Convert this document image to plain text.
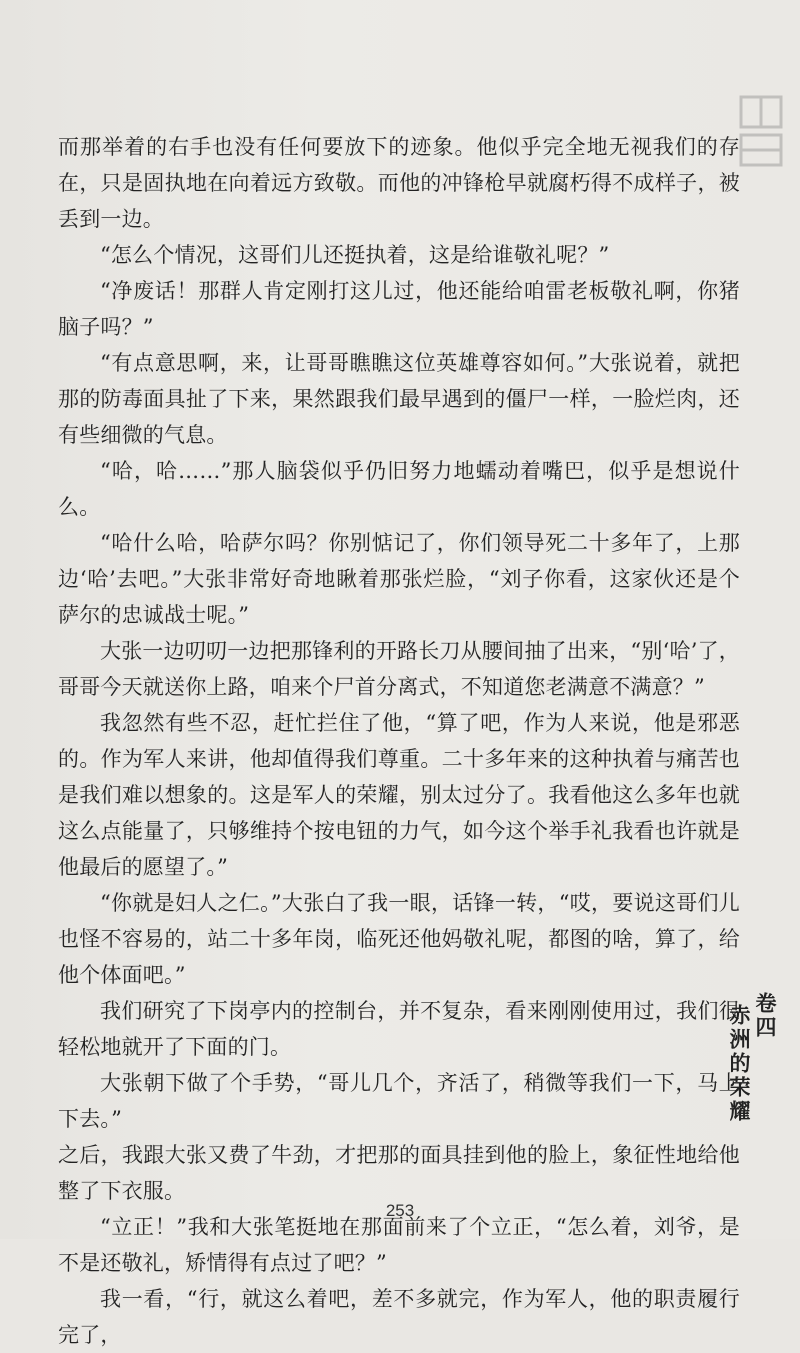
而那举着的右手也没有任何要放下的迹象。他似乎完全地无视我们的存在，只是固执地在向着远方致敬。而他的冲锋枪早就腐朽得不成样子，被丢到一边。

“怎么个情况，这哥们儿还挺执着，这是给谁敬礼呢？”

“净废话！那群人肯定刚打这儿过，他还能给咱雷老板敬礼啊，你猪脑子吗？”

“有点意思啊，来，让哥哥瞧瞧这位英雄尊容如何。”大张说着，就把那的防毒面具扯了下来，果然跟我们最早遇到的僵尸一样，一脸烂肉，还有些细微的气息。

“哈，哈……”那人脑袋似乎仍旧努力地蠕动着嘴巴，似乎是想说什么。

“哈什么哈，哈萨尔吗？你别惦记了，你们领导死二十多年了，上那边‘哈’去吧。”大张非常好奇地瞅着那张烂脸，“刘子你看，这家伙还是个萨尔的忠诚战士呢。”

大张一边叨叨一边把那锋利的开路长刀从腰间抽了出来，“别‘哈’了，哥哥今天就送你上路，咱来个尸首分离式，不知道您老满意不满意？”

我忽然有些不忍，赶忙拦住了他，“算了吧，作为人来说，他是邪恶的。作为军人来讲，他却值得我们尊重。二十多年来的这种执着与痛苦也是我们难以想象的。这是军人的荣耀，别太过分了。我看他这么多年也就这么点能量了，只够维持个按电钮的力气，如今这个举手礼我看也许就是他最后的愿望了。”

“你就是妇人之仁。”大张白了我一眼，话锋一转，“哎，要说这哥们儿也怪不容易的，站二十多年岗，临死还他妈敬礼呢，都图的啥，算了，给他个体面吧。”

我们研究了下岗亭内的控制台，并不复杂，看来刚刚使用过，我们很轻松地就开了下面的门。

大张朝下做了个手势，“哥儿几个，齐活了，稍微等我们一下，马上下去。”

之后，我跟大张又费了牛劲，才把那的面具挂到他的脸上，象征性地给他整了下衣服。

“立正！”我和大张笔挺地在那面前来了个立正，“怎么着，刘爷，是不是还敬礼，矫情得有点过了吧？”

我一看，“行，就这么着吧，差不多就完，作为军人，他的职责履行完了，

卷四
赤洲的荣耀
253
